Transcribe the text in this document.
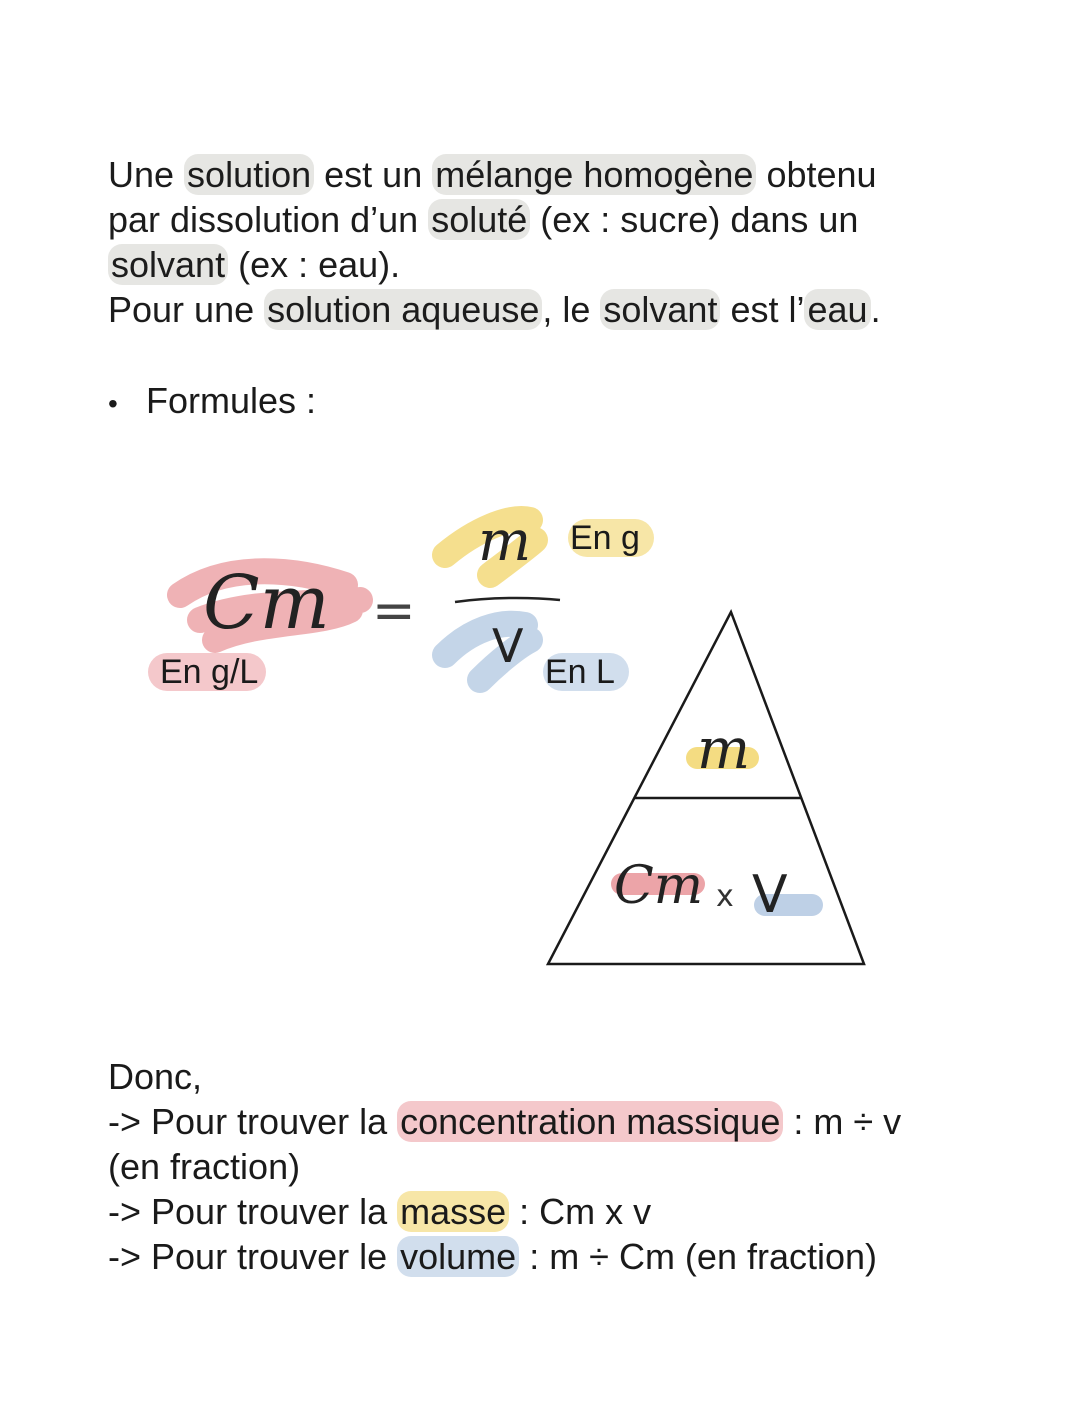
Une solution est un mélange homogène obtenu
par dissolution d’un soluté (ex : sucre) dans un
solvant (ex : eau).
Pour une solution aqueuse, le solvant est l’eau.
• Formules :
Cm =
m
V
m
Cm x V
En g/L
En g
En L
Donc,
-> Pour trouver la concentration massique : m ÷ v
(en fraction)
-> Pour trouver la masse : Cm x v
-> Pour trouver le volume : m ÷ Cm (en fraction)
